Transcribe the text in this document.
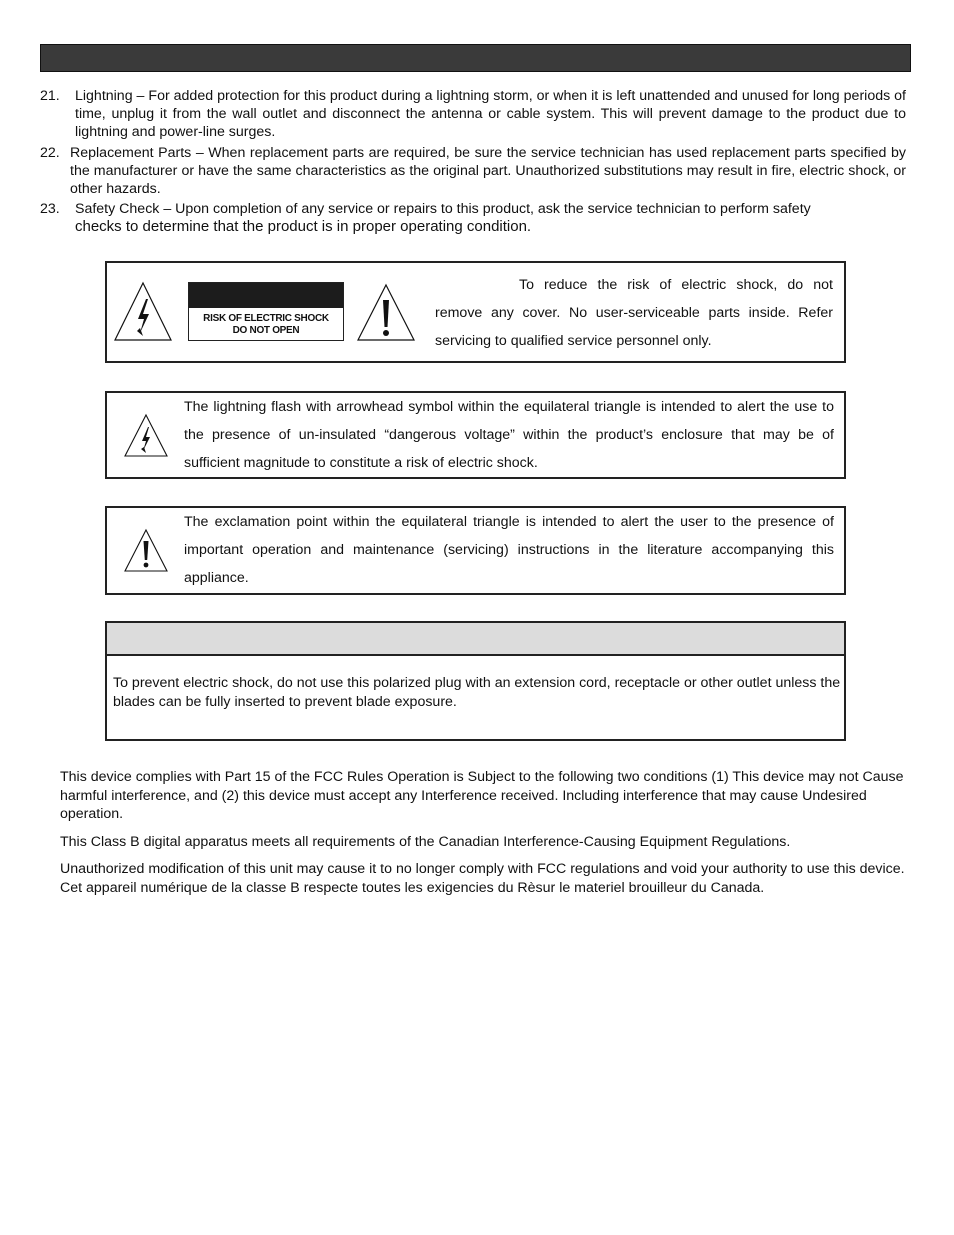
21. Lightning – For added protection for this product during a lightning storm, or when it is left unattended and unused for long periods of time, unplug it from the wall outlet and disconnect the antenna or cable system. This will prevent damage to the product due to lightning and power-line surges.
22. Replacement Parts – When replacement parts are required, be sure the service technician has used replacement parts specified by the manufacturer or have the same characteristics as the original part. Unauthorized substitutions may result in fire, electric shock, or other hazards.
23. Safety Check – Upon completion of any service or repairs to this product, ask the service technician to perform safety
checks to determine that the product is in proper operating condition.
RISK OF ELECTRIC SHOCK
DO NOT OPEN
To reduce the risk of electric shock, do not remove any cover. No user-serviceable parts inside. Refer servicing to qualified service personnel only.
The lightning flash with arrowhead symbol within the equilateral triangle is intended to alert the use to the presence of un-insulated “dangerous voltage” within the product’s enclosure that may be of sufficient magnitude to constitute a risk of electric shock.
The exclamation point within the equilateral triangle is intended to alert the user to the presence of important operation and maintenance (servicing) instructions in the literature accompanying this appliance.
To prevent electric shock, do not use this polarized plug with an extension cord, receptacle or other outlet unless the blades can be fully inserted to prevent blade exposure.

This device complies with Part 15 of the FCC Rules Operation is Subject to the following two conditions (1) This device may not Cause harmful interference, and (2) this device must accept any Interference received. Including interference that may cause Undesired operation.

This Class B digital apparatus meets all requirements of the Canadian Interference-Causing Equipment Regulations.

Unauthorized modification of this unit may cause it to no longer comply with FCC regulations and void your authority to use this device.

Cet appareil numérique de la classe B respecte toutes les exigencies du Rèsur le materiel brouilleur du Canada.
